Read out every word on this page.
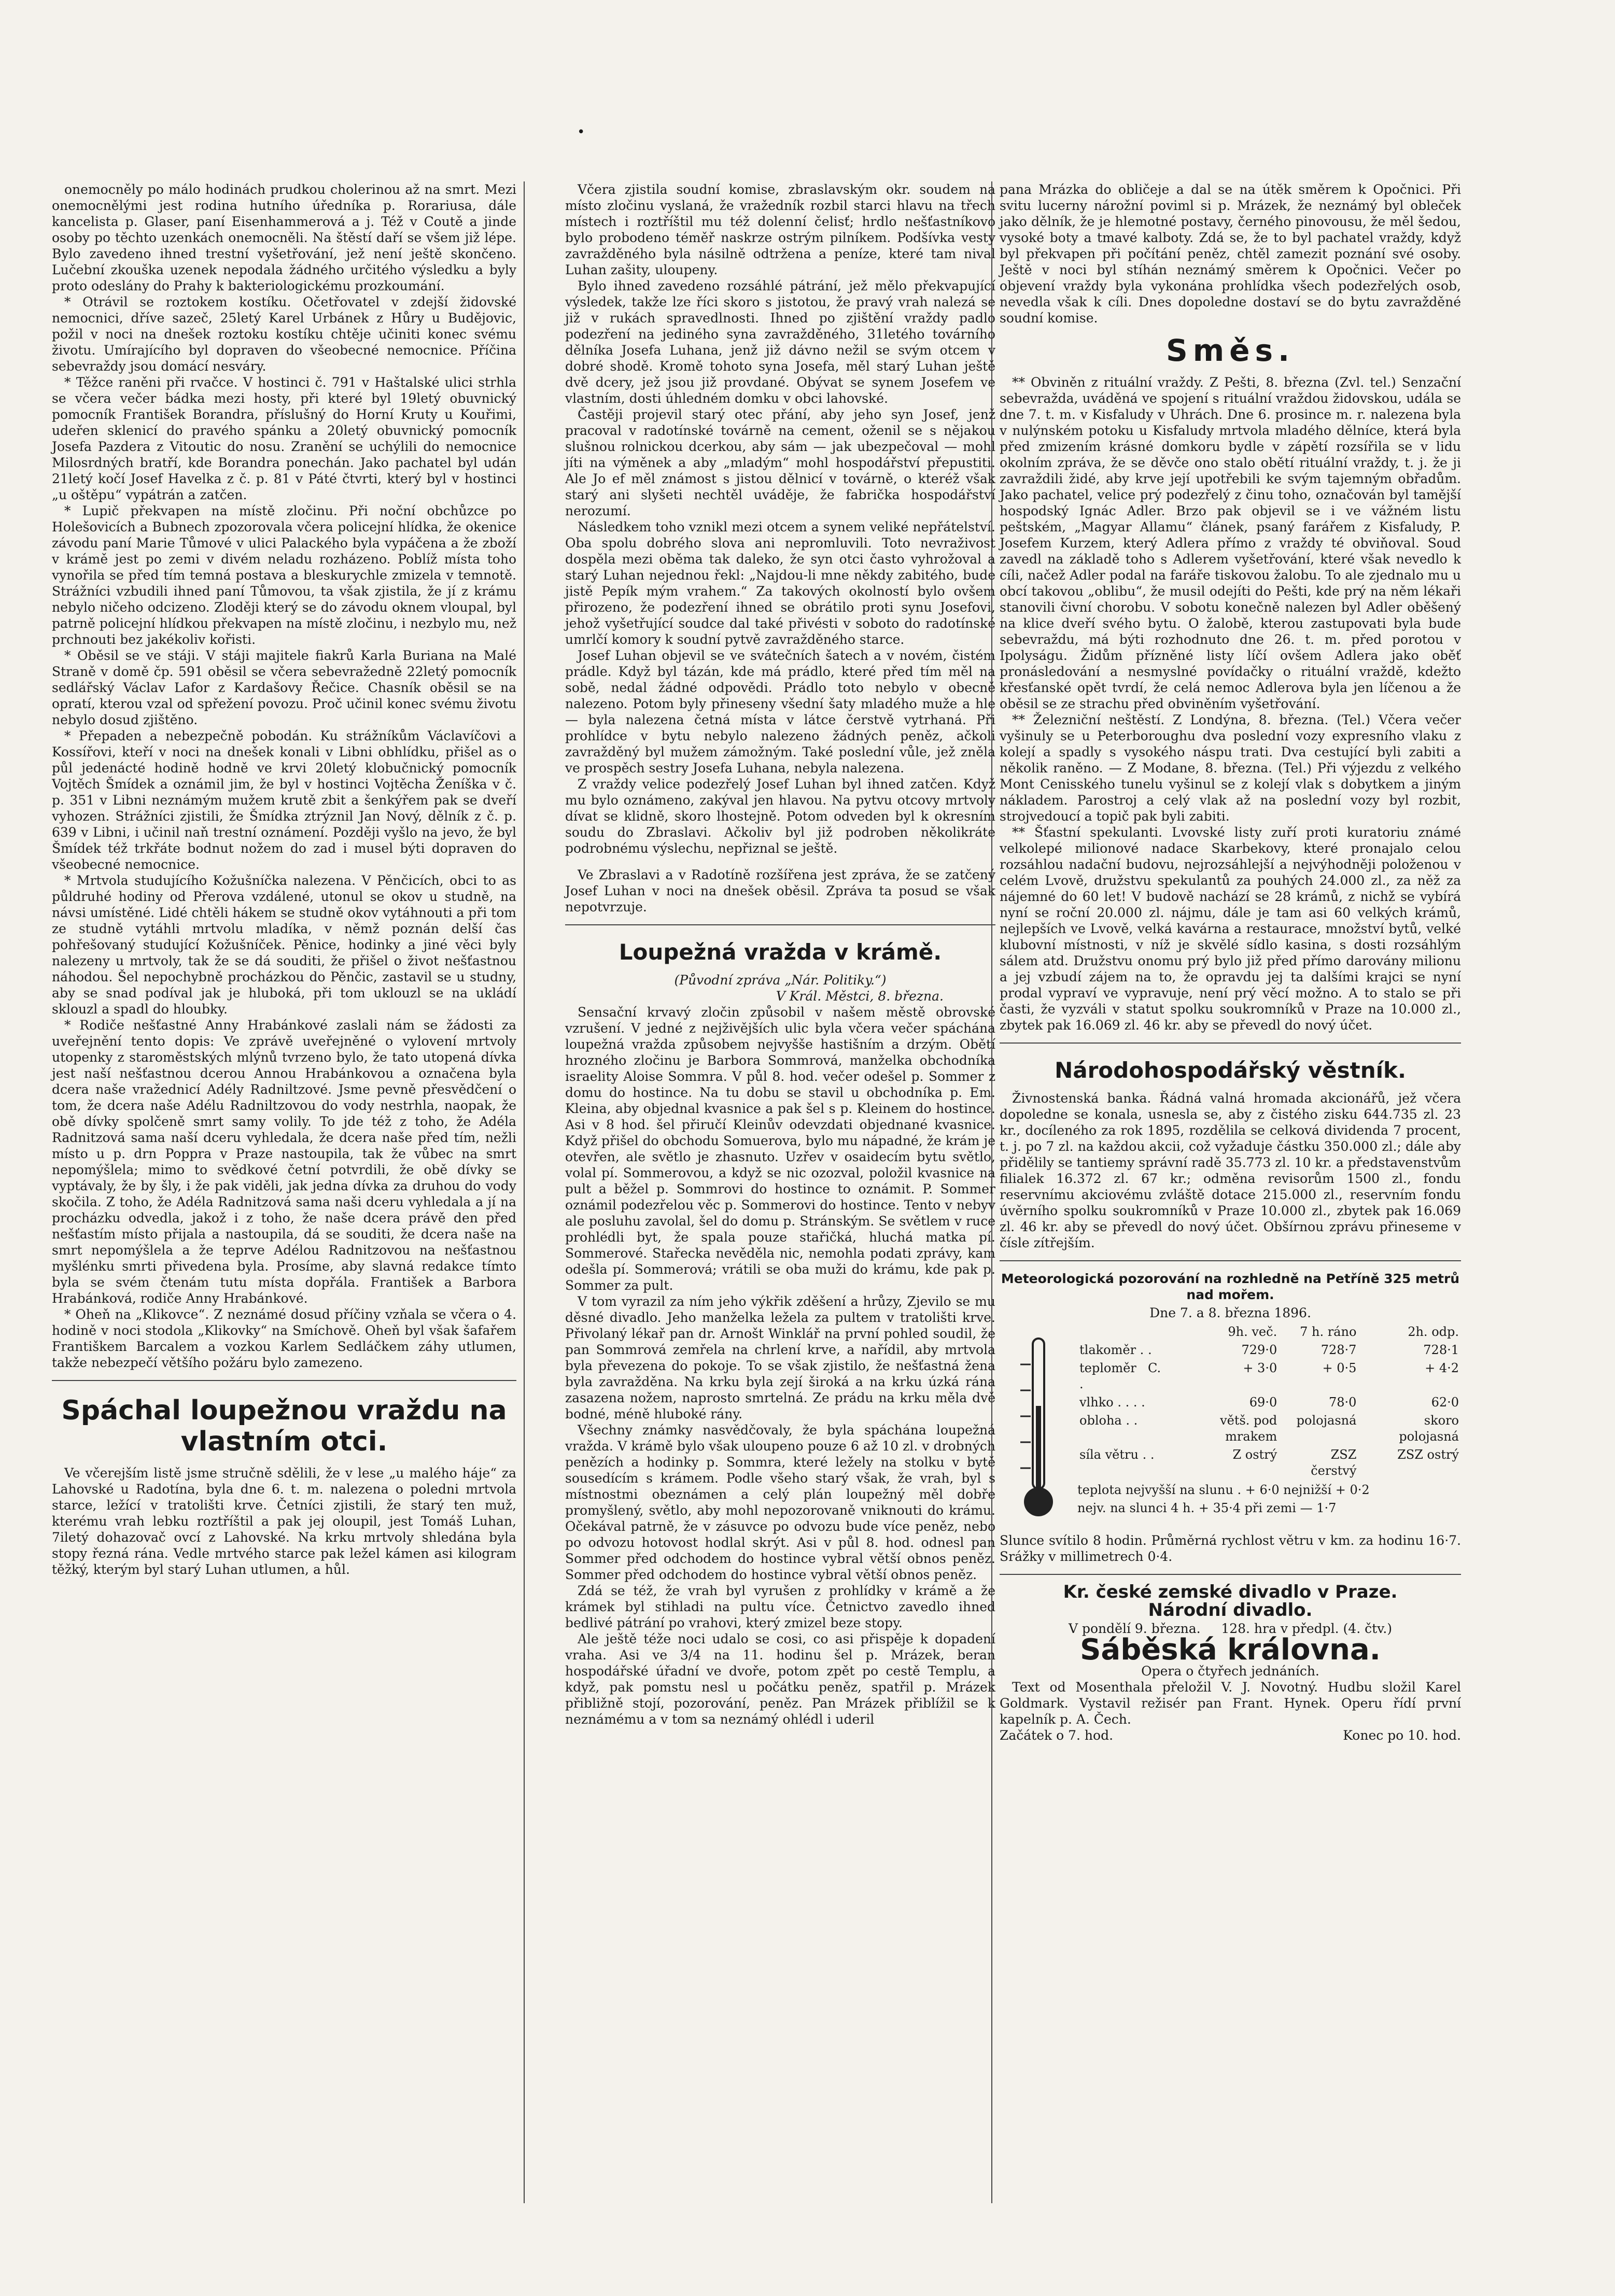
•

onemocněly po málo hodinách prudkou cholerinou až na smrt. Mezi onemocnělými jest rodina hutního úředníka p. Rorariusa, dále kancelista p. Glaser, paní Eisenhammerová a j. Též v Coutě a jinde osoby po těchto uzenkách onemocněli. Na štěstí daří se všem již lépe. Bylo zavedeno ihned trestní vyšetřování, jež není ještě skončeno. Lučební zkouška uzenek nepodala žádného určitého výsledku a byly proto odeslány do Prahy k bakteriologickému prozkoumání.

* Otrávil se roztokem kostíku. Očetřovatel v zdejší židovské nemocnici, dříve sazeč, 25letý Karel Urbánek z Hůry u Budějovic, požil v noci na dnešek roztoku kostíku chtěje učiniti konec svému životu. Umírajícího byl dopraven do všeobecné nemocnice. Příčina sebevraždy jsou domácí nesváry.

* Těžce raněni při rvačce. V hostinci č. 791 v Haštalské ulici strhla se včera večer bádka mezi hosty, při které byl 19letý obuvnický pomocník František Borandra, příslušný do Horní Kruty u Kouřimi, udeřen sklenicí do pravého spánku a 20letý obuvnický pomocník Josefa Pazdera z Vitoutic do nosu. Zranění se uchýlili do nemocnice Milosrdných bratří, kde Borandra ponechán. Jako pachatel byl udán 21letý kočí Josef Havelka z č. p. 81 v Páté čtvrti, který byl v hostinci „u oštěpu“ vypátrán a zatčen.

* Lupič překvapen na místě zločinu. Při noční obchůzce po Holešovicích a Bubnech zpozorovala včera policejní hlídka, že okenice závodu paní Marie Tůmové v ulici Palackého byla vypáčena a že zboží v krámě jest po zemi v divém neladu rozházeno. Poblíž místa toho vynořila se před tím temná postava a bleskurychle zmizela v temnotě. Strážníci vzbudili ihned paní Tůmovou, ta však zjistila, že jí z krámu nebylo ničeho odcizeno. Zloději který se do závodu oknem vloupal, byl patrně policejní hlídkou překvapen na místě zločinu, i nezbylo mu, než prchnouti bez jakékoliv kořisti.

* Oběsil se ve stáji. V stáji majitele fiakrů Karla Buriana na Malé Straně v domě čp. 591 oběsil se včera sebevražedně 22letý pomocník sedlářský Václav Lafor z Kardašovy Řečice. Chasník oběsil se na opratí, kterou vzal od spřežení povozu. Proč učinil konec svému životu nebylo dosud zjištěno.

* Přepaden a nebezpečně pobodán. Ku strážníkům Václavíčovi a Kossířovi, kteří v noci na dnešek konali v Libni obhlídku, přišel as o půl jedenácté hodině hodně ve krvi 20letý klobučnický pomocník Vojtěch Šmídek a oznámil jim, že byl v hostinci Vojtěcha Ženíška v č. p. 351 v Libni neznámým mužem krutě zbit a šenkýřem pak se dveří vyhozen. Strážníci zjistili, že Šmídka ztrýznil Jan Nový, dělník z č. p. 639 v Libni, i učinil naň trestní oznámení. Později vyšlo na jevo, že byl Šmídek též trkřáte bodnut nožem do zad i musel býti dopraven do všeobecné nemocnice.

* Mrtvola studujícího Kožušníčka nalezena. V Pěnčicích, obci to as půldruhé hodiny od Přerova vzdálené, utonul se okov u studně, na návsi umístěné. Lidé chtěli hákem se studně okov vytáhnouti a při tom ze studně vytáhli mrtvolu mladíka, v němž poznán delší čas pohřešovaný studující Kožušníček. Pěnice, hodinky a jiné věci byly nalezeny u mrtvoly, tak že se dá souditi, že přišel o život nešťastnou náhodou. Šel nepochybně procházkou do Pěnčic, zastavil se u studny, aby se snad podíval jak je hluboká, při tom uklouzl se na ukládí sklouzl a spadl do hloubky.

* Rodiče nešťastné Anny Hrabánkové zaslali nám se žádosti za uveřejnění tento dopis: Ve zprávě uveřejněné o vylovení mrtvoly utopenky z staroměstských mlýnů tvrzeno bylo, že tato utopená dívka jest naší nešťastnou dcerou Annou Hrabánkovou a označena byla dcera naše vražednicí Adély Radniltzové. Jsme pevně přesvědčení o tom, že dcera naše Adélu Radniltzovou do vody nestrhla, naopak, že obě dívky spolčeně smrt samy volily. To jde též z toho, že Adéla Radnitzová sama naší dceru vyhledala, že dcera naše před tím, nežli místo u p. drn Poppra v Praze nastoupila, tak že vůbec na smrt nepomýšlela; mimo to svědkové četní potvrdili, že obě dívky se vyptávaly, že by šly, i že pak viděli, jak jedna dívka za druhou do vody skočila. Z toho, že Adéla Radnitzová sama naši dceru vyhledala a jí na procházku odvedla, jakož i z toho, že naše dcera právě den před nešťastím místo přijala a nastoupila, dá se souditi, že dcera naše na smrt nepomýšlela a že teprve Adélou Radnitzovou na nešťastnou myšlénku smrti přivedena byla. Prosíme, aby slavná redakce tímto byla se svém čtenám tutu místa dopřála. František a Barbora Hrabánková, rodiče Anny Hrabánkové.

* Oheň na „Klikovce“. Z neznámé dosud příčiny vzňala se včera o 4. hodině v noci stodola „Klikovky“ na Smíchově. Oheň byl však šafařem Františkem Barcalem a vozkou Karlem Sedláčkem záhy utlumen, takže nebezpečí většího požáru bylo zamezeno.

Spáchal loupežnou vraždu na vlastním otci.

Ve včerejším listě jsme stručně sdělili, že v lese „u malého háje“ za Lahovské u Radotína, byla dne 6. t. m. nalezena o poledni mrtvola starce, ležící v tratolišti krve. Četníci zjistili, že starý ten muž, kterému vrah lebku roztříštil a pak jej oloupil, jest Tomáš Luhan, 7iletý dohazovač ovcí z Lahovské. Na krku mrtvoly shledána byla stopy řezná rána. Vedle mrtvého starce pak ležel kámen asi kilogram těžký, kterým byl starý Luhan utlumen, a hůl.

Včera zjistila soudní komise, zbraslavským okr. soudem na místo zločinu vyslaná, že vražedník rozbil starci hlavu na třech místech i roztříštil mu též dolenní čelisť; hrdlo nešťastníkovo bylo probodeno téměř naskrze ostrým pilníkem. Podšívka vesty zavražděného byla násilně odtržena a peníze, které tam nival Luhan zašity, uloupeny.

Bylo ihned zavedeno rozsáhlé pátrání, jež mělo překvapující výsledek, takže lze říci skoro s jistotou, že pravý vrah nalezá se již v rukách spravedlnosti. Ihned po zjištění vraždy padlo podezření na jediného syna zavražděného, 31letého továrního dělníka Josefa Luhana, jenž již dávno nežil se svým otcem v dobré shodě. Kromě tohoto syna Josefa, měl starý Luhan ještě dvě dcery, jež jsou již provdané. Obývat se synem Josefem ve vlastním, dosti úhledném domku v obci lahovské.

Častěji projevil starý otec přání, aby jeho syn Josef, jenž pracoval v radotínské továrně na cement, oženil se s nějakou slušnou rolnickou dcerkou, aby sám — jak ubezpečoval — mohl jíti na výměnek a aby „mladým“ mohl hospodářství přepustiti. Ale Jo ef měl známost s jistou dělnicí v továrně, o kteréž však starý ani slyšeti nechtěl uváděje, že fabrička hospodářství nerozumí.

Následkem toho vznikl mezi otcem a synem veliké nepřátelství. Oba spolu dobrého slova ani nepromluvili. Toto nevraživost dospěla mezi oběma tak daleko, že syn otci často vyhrožoval a starý Luhan nejednou řekl: „Najdou-li mne někdy zabitého, bude jistě Pepík mým vrahem.“ Za takových okolností bylo ovšem přirozeno, že podezření ihned se obrátilo proti synu Josefovi, jehož vyšetřující soudce dal také přivésti v soboto do radotínské umrlčí komory k soudní pytvě zavražděného starce.

Josef Luhan objevil se ve svátečních šatech a v novém, čistém prádle. Když byl tázán, kde má prádlo, které před tím měl na sobě, nedal žádné odpovědi. Prádlo toto nebylo v obecně nalezeno. Potom byly přineseny všední šaty mladého muže a hle — byla nalezena četná místa v látce čerstvě vytrhaná. Při prohlídce v bytu nebylo nalezeno žádných peněz, ačkoli zavražděný byl mužem zámožným. Také poslední vůle, jež zněla ve prospěch sestry Josefa Luhana, nebyla nalezena.

Z vraždy velice podezřelý Josef Luhan byl ihned zatčen. Když mu bylo oznámeno, zakýval jen hlavou. Na pytvu otcovy mrtvoly dívat se klidně, skoro lhostejně. Potom odveden byl k okresním soudu do Zbraslavi. Ačkoliv byl již podroben několikráte podrobnému výslechu, nepřiznal se ještě.

Ve Zbraslavi a v Radotíně rozšířena jest zpráva, že se zatčený Josef Luhan v noci na dnešek oběsil. Zpráva ta posud se však nepotvrzuje.

Loupežná vražda v krámě.
(Původní zpráva „Nár. Politiky.“)
V Král. Městci, 8. března.

Sensační krvavý zločin způsobil v našem městě obrovské vzrušení. V jedné z nejživějších ulic byla včera večer spáchána loupežná vražda způsobem nejvyšše hastišním a drzým. Obětí hrozného zločinu je Barbora Sommrová, manželka obchodníka israelity Aloise Sommra. V půl 8. hod. večer odešel p. Sommer z domu do hostince. Na tu dobu se stavil u obchodníka p. Em. Kleina, aby objednal kvasnice a pak šel s p. Kleinem do hostince. Asi v 8 hod. šel přiručí Kleinův odevzdati objednané kvasnice. Když přišel do obchodu Somuerova, bylo mu nápadné, že krám je otevřen, ale světlo je zhasnuto. Uzřev v osaidecím bytu světlo, volal pí. Sommerovou, a když se nic ozozval, položil kvasnice na pult a běžel p. Sommrovi do hostince to oznámit. P. Sommer oznámil podezřelou věc p. Sommerovi do hostince. Tento v nebyv ale posluhu zavolal, šel do domu p. Stránským. Se světlem v ruce prohlédli byt, že spala pouze stařičká, hluchá matka pí. Sommerové. Stařecka nevěděla nic, nemohla podati zprávy, kam odešla pí. Sommerová; vrátili se oba muži do krámu, kde pak p. Sommer za pult.

V tom vyrazil za ním jeho výkřik zděšení a hrůzy, Zjevilo se mu děsné divadlo. Jeho manželka ležela za pultem v tratolišti krve. Přivolaný lékař pan dr. Arnošt Winklář na první pohled soudil, že pan Sommrová zemřela na chrlení krve, a nařídil, aby mrtvola byla převezena do pokoje. To se však zjistilo, že nešťastná žena byla zavražděna. Na krku byla zejí široká a na krku úzká rána zasazena nožem, naprosto smrtelná. Ze prádu na krku měla dvě bodné, méně hluboké rány.

Všechny známky nasvědčovaly, že byla spáchána loupežná vražda. V krámě bylo však uloupeno pouze 6 až 10 zl. v drobných penězích a hodinky p. Sommra, které ležely na stolku v bytě sousedícím s krámem. Podle všeho starý však, že vrah, byl s místnostmi obeznámen a celý plán loupežný měl dobře promyšlený, světlo, aby mohl nepozorovaně vniknouti do krámu. Očekával patrně, že v zásuvce po odvozu bude více peněz, nebo po odvozu hotovost hodlal skrýt. Asi v půl 8. hod. odnesl pan Sommer před odchodem do hostince vybral větší obnos peněz. Sommer před odchodem do hostince vybral větší obnos peněz.

Zdá se též, že vrah byl vyrušen z prohlídky v krámě a že krámek byl stihladi na pultu více. Četnictvo zavedlo ihned bedlivé pátrání po vrahovi, který zmizel beze stopy.

Ale ještě téže noci udalo se cosi, co asi přispěje k dopadení vraha. Asi ve 3/4 na 11. hodinu šel p. Mrázek, beran hospodářské úřadní ve dvoře, potom zpět po cestě Templu, a když, pak pomstu nesl u počátku peněz, spatřil p. Mrázek přibližně stojí, pozorování, peněz. Pan Mrázek přiblížil se k neznámému a v tom sa neznámý ohlédl i uderil

pana Mrázka do obličeje a dal se na útěk směrem k Opočnici. Při svitu lucerny nárožní poviml si p. Mrázek, že neznámý byl obleček jako dělník, že je hlemotné postavy, černého pinovousu, že měl šedou, vysoké boty a tmavé kalboty. Zdá se, že to byl pachatel vraždy, když byl překvapen při počítání peněz, chtěl zamezit poznání své osoby. Ještě v noci byl stíhán neznámý směrem k Opočnici. Večer po objevení vraždy byla vykonána prohlídka všech podezřelých osob, nevedla však k cíli. Dnes dopoledne dostaví se do bytu zavražděné soudní komise.

Směs.

** Obviněn z rituální vraždy. Z Pešti, 8. března (Zvl. tel.) Senzační sebevražda, uváděná ve spojení s rituální vraždou židovskou, udála se dne 7. t. m. v Kisfaludy v Uhrách. Dne 6. prosince m. r. nalezena byla v nulýnském potoku u Kisfaludy mrtvola mladého dělníce, která byla před zmizením krásné domkoru bydle v zápětí rozsířila se v lidu okolním zpráva, že se děvče ono stalo obětí rituální vraždy, t. j. že ji zavraždili židé, aby krve její upotřebili ke svým tajemným obřadům. Jako pachatel, velice prý podezřelý z činu toho, označován byl tamější hospodský Ignác Adler. Brzo pak objevil se i ve vážném listu peštském, „Magyar Allamu“ článek, psaný farářem z Kisfaludy, P. Josefem Kurzem, který Adlera přímo z vraždy té obviňoval. Soud zavedl na základě toho s Adlerem vyšetřování, které však nevedlo k cíli, načež Adler podal na faráře tiskovou žalobu. To ale zjednalo mu u obcí takovou „oblibu“, že musil odejíti do Pešti, kde prý na něm lékaři stanovili čivní chorobu. V sobotu konečně nalezen byl Adler oběšený na klice dveří svého bytu. O žalobě, kterou zastupovati byla bude sebevraždu, má býti rozhodnuto dne 26. t. m. před porotou v Ipolyságu. Židům přízněné listy líčí ovšem Adlera jako oběť pronásledování a nesmyslné povídačky o rituální vraždě, kdežto křesťanské opět tvrdí, že celá nemoc Adlerova byla jen líčenou a že oběsil se ze strachu před obviněním vyšetřování.

** Železniční neštěstí. Z Londýna, 8. března. (Tel.) Včera večer vyšinuly se u Peterboroughu dva poslední vozy expresního vlaku z kolejí a spadly s vysokého náspu trati. Dva cestující byli zabiti a několik raněno. — Z Modane, 8. března. (Tel.) Při výjezdu z velkého Mont Cenisského tunelu vyšinul se z kolejí vlak s dobytkem a jiným nákladem. Parostroj a celý vlak až na poslední vozy byl rozbit, strojvedoucí a topič pak byli zabiti.

** Šťastní spekulanti. Lvovské listy zuří proti kuratoriu známé velkolepé milionové nadace Skarbekovy, které pronajalo celou rozsáhlou nadační budovu, nejrozsáhlejší a nejvýhodněji položenou v celém Lvově, družstvu spekulantů za pouhých 24.000 zl., za něž za nájemné do 60 let! V budově nachází se 28 krámů, z nichž se vybírá nyní se roční 20.000 zl. nájmu, dále je tam asi 60 velkých krámů, nejlepších ve Lvově, velká kavárna a restaurace, množství bytů, velké klubovní místnosti, v níž je skvělé sídlo kasina, s dosti rozsáhlým sálem atd. Družstvu onomu prý bylo již před přímo darovány milionu a jej vzbudí zájem na to, že opravdu jej ta dalšími krajci se nyní prodal vypraví ve vypravuje, není prý věcí možno. A to stalo se při časti, že vyzváli v statut spolku soukromníků v Praze na 10.000 zl., zbytek pak 16.069 zl. 46 kr. aby se převedl do nový účet.

Národohospodářský věstník.

Živnostenská banka. Řádná valná hromada akcionářů, jež včera dopoledne se konala, usnesla se, aby z čistého zisku 644.735 zl. 23 kr., docíleného za rok 1895, rozdělila se celková dividenda 7 procent, t. j. po 7 zl. na každou akcii, což vyžaduje částku 350.000 zl.; dále aby přidělily se tantiemy správní radě 35.773 zl. 10 kr. a představenstvům filialek 16.372 zl. 67 kr.; odměna revisorům 1500 zl., fondu reservnímu akciovému zvláště dotace 215.000 zl., reservním fondu úvěrního spolku soukromníků v Praze 10.000 zl., zbytek pak 16.069 zl. 46 kr. aby se převedl do nový účet. Obšírnou zprávu přineseme v čísle zítřejším.

Meteorologická pozorování na rozhledně na Petříně 325 metrů nad mořem.
Dne 7. a 8. března 1896.
	9h. več.	7 h. ráno	2h. odp.
tlakoměr . .	729·0	728·7	728·1
teploměr C. .	+ 3·0	+ 0·5	+ 4·2
vlhko . . . .	69·0	78·0	62·0
obloha . .	větš. pod mrakem	polojasná	skoro polojasná
síla větru . .	Z ostrý	ZSZ čerstvý	ZSZ ostrý
teplota nejvyšší na slunu . + 6·0 nejnižší + 0·2
nejv. na slunci 4 h. + 35·4 při zemi — 1·7
Slunce svítilo 8 hodin. Průměrná rychlost větru v km. za hodinu 16·7. Srážky v millimetrech 0·4.
Kr. české zemské divadlo v Praze.
Národní divadlo.
V pondělí 9. března. 128. hra v předpl. (4. čtv.)
Sáběská královna.
Opera o čtyřech jednáních.

Text od Mosenthala přeložil V. J. Novotný. Hudbu složil Karel Goldmark. Vystavil režisér pan Frant. Hynek. Operu řídí první kapelník p. A. Čech.

Začátek o 7. hod.	Konec po 10. hod.
